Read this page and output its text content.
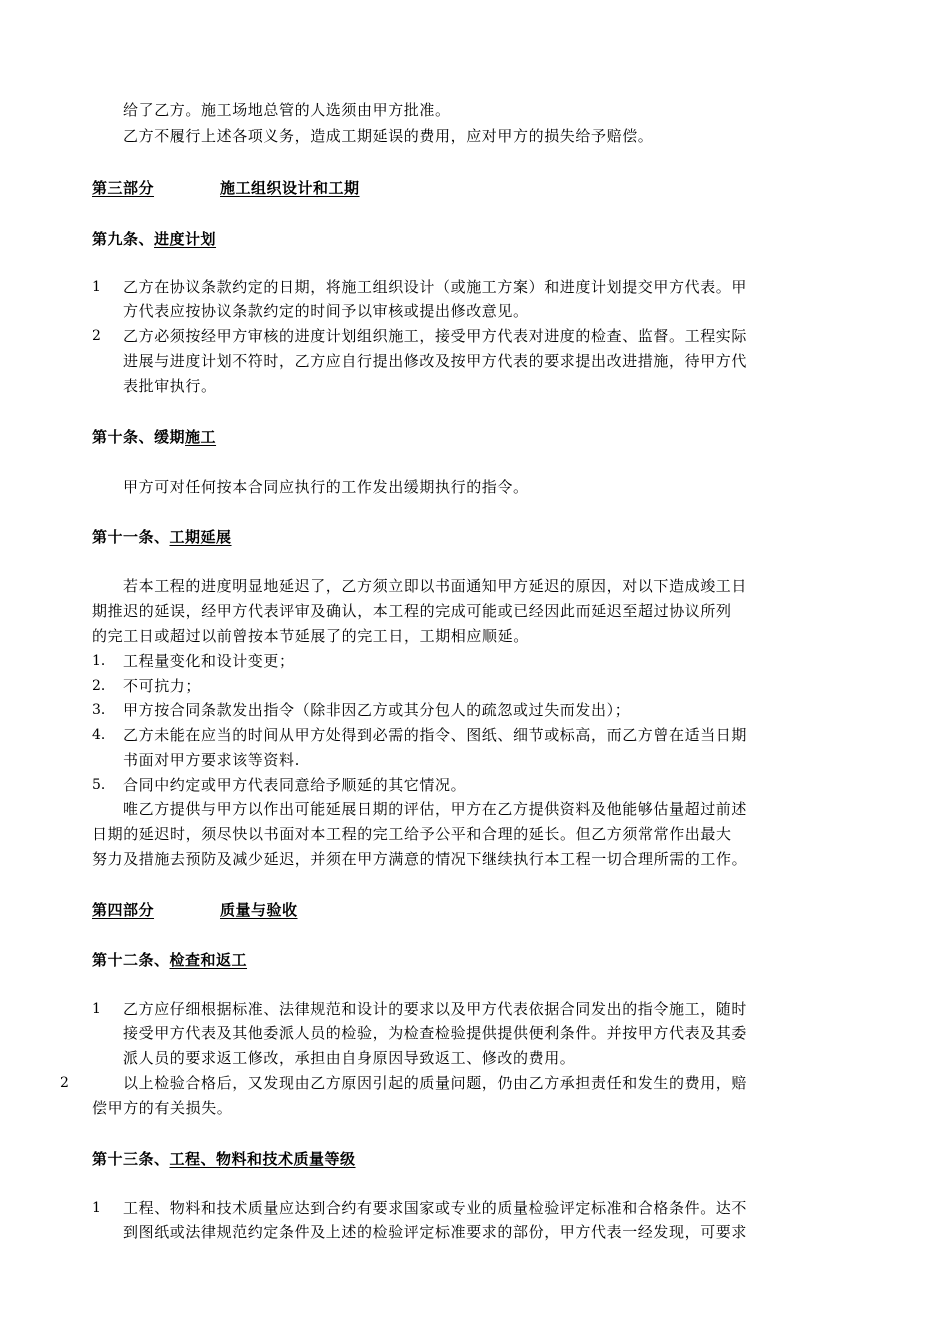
给了乙方。施工场地总管的人选须由甲方批准。
乙方不履行上述各项义务，造成工期延误的费用，应对甲方的损失给予赔偿。
第三部分	施工组织设计和工期
第九条、进度计划
1 乙方在协议条款约定的日期，将施工组织设计（或施工方案）和进度计划提交甲方代表。甲
方代表应按协议条款约定的时间予以审核或提出修改意见。
2 乙方必须按经甲方审核的进度计划组织施工，接受甲方代表对进度的检查、监督。工程实际
进展与进度计划不符时，乙方应自行提出修改及按甲方代表的要求提出改进措施，待甲方代
表批审执行。
第十条、缓期施工
甲方可对任何按本合同应执行的工作发出缓期执行的指令。
第十一条、工期延展
若本工程的进度明显地延迟了，乙方须立即以书面通知甲方延迟的原因，对以下造成竣工日
期推迟的延误，经甲方代表评审及确认，本工程的完成可能或已经因此而延迟至超过协议所列
的完工日或超过以前曾按本节延展了的完工日，工期相应顺延。
1． 工程量变化和设计变更；
2． 不可抗力；
3． 甲方按合同条款发出指令（除非因乙方或其分包人的疏忽或过失而发出）；
4． 乙方未能在应当的时间从甲方处得到必需的指令、图纸、细节或标高，而乙方曾在适当日期
书面对甲方要求该等资料.
5． 合同中约定或甲方代表同意给予顺延的其它情况。
唯乙方提供与甲方以作出可能延展日期的评估，甲方在乙方提供资料及他能够估量超过前述
日期的延迟时，须尽快以书面对本工程的完工给予公平和合理的延长。但乙方须常常作出最大
努力及措施去预防及减少延迟，并须在甲方满意的情况下继续执行本工程一切合理所需的工作。
第四部分	质量与验收
第十二条、检查和返工
1 乙方应仔细根据标准、法律规范和设计的要求以及甲方代表依据合同发出的指令施工，随时
接受甲方代表及其他委派人员的检验，为检查检验提供提供便利条件。并按甲方代表及其委
派人员的要求返工修改，承担由自身原因导致返工、修改的费用。
2	以上检验合格后，又发现由乙方原因引起的质量问题，仍由乙方承担责任和发生的费用，赔
偿甲方的有关损失。
第十三条、工程、物料和技术质量等级
1 工程、物料和技术质量应达到合约有要求国家或专业的质量检验评定标准和合格条件。达不
到图纸或法律规范约定条件及上述的检验评定标准要求的部份，甲方代表一经发现，可要求
